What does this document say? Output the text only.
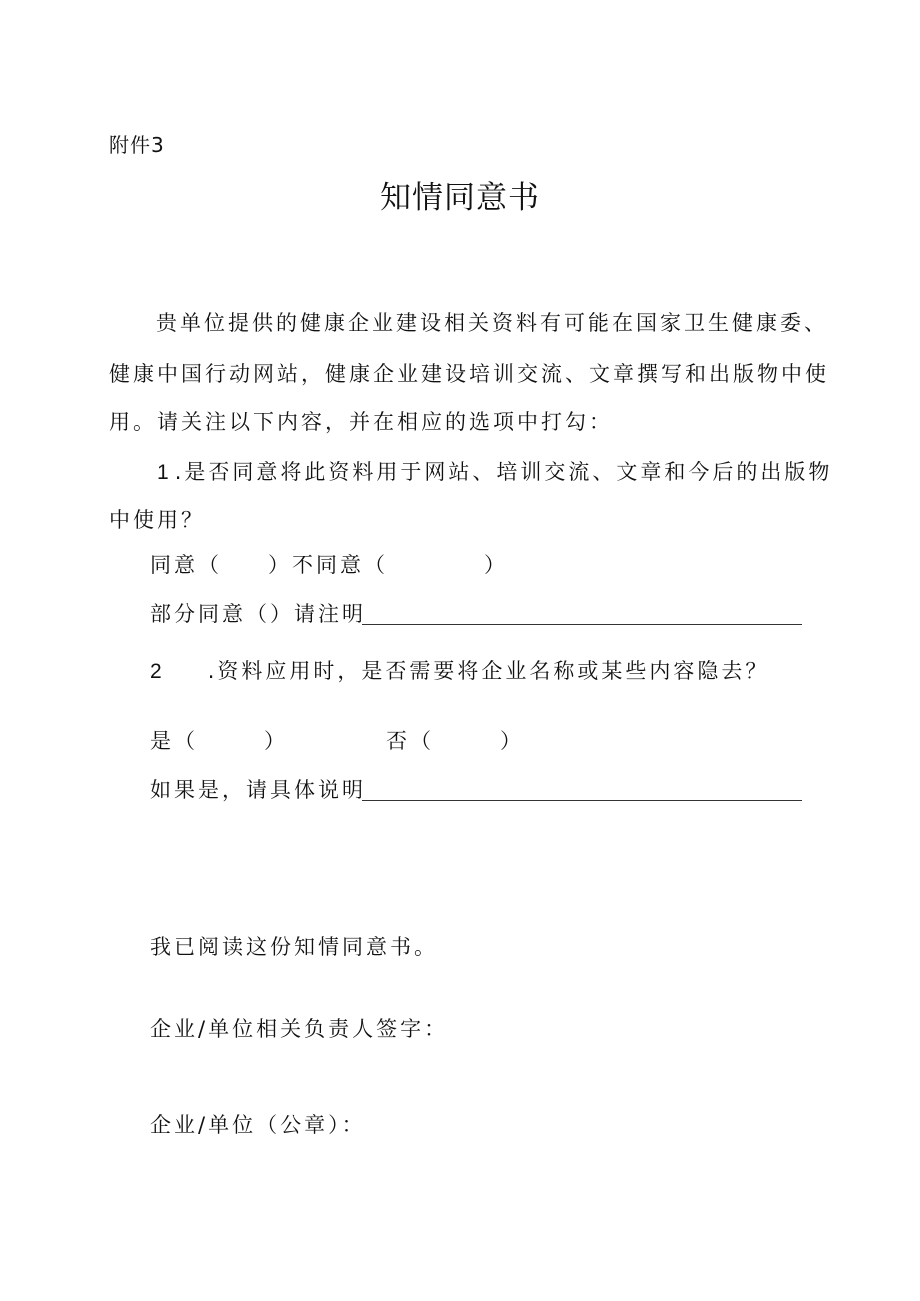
附件3
知情同意书
贵单位提供的健康企业建设相关资料有可能在国家卫生健康委、
健康中国行动网站，健康企业建设培训交流、文章撰写和出版物中使
用。请关注以下内容，并在相应的选项中打勾：
1 .是否同意将此资料用于网站、培训交流、文章和今后的出版物
中使用？
同意（ ） 不同意（	）
部分同意（）请注明
2 .资料应用时，是否需要将企业名称或某些内容隐去？
是（	）	否（	）
如果是，请具体说明
我已阅读这份知情同意书。
企业/单位相关负责人签字：
企业/单位（公章）：
